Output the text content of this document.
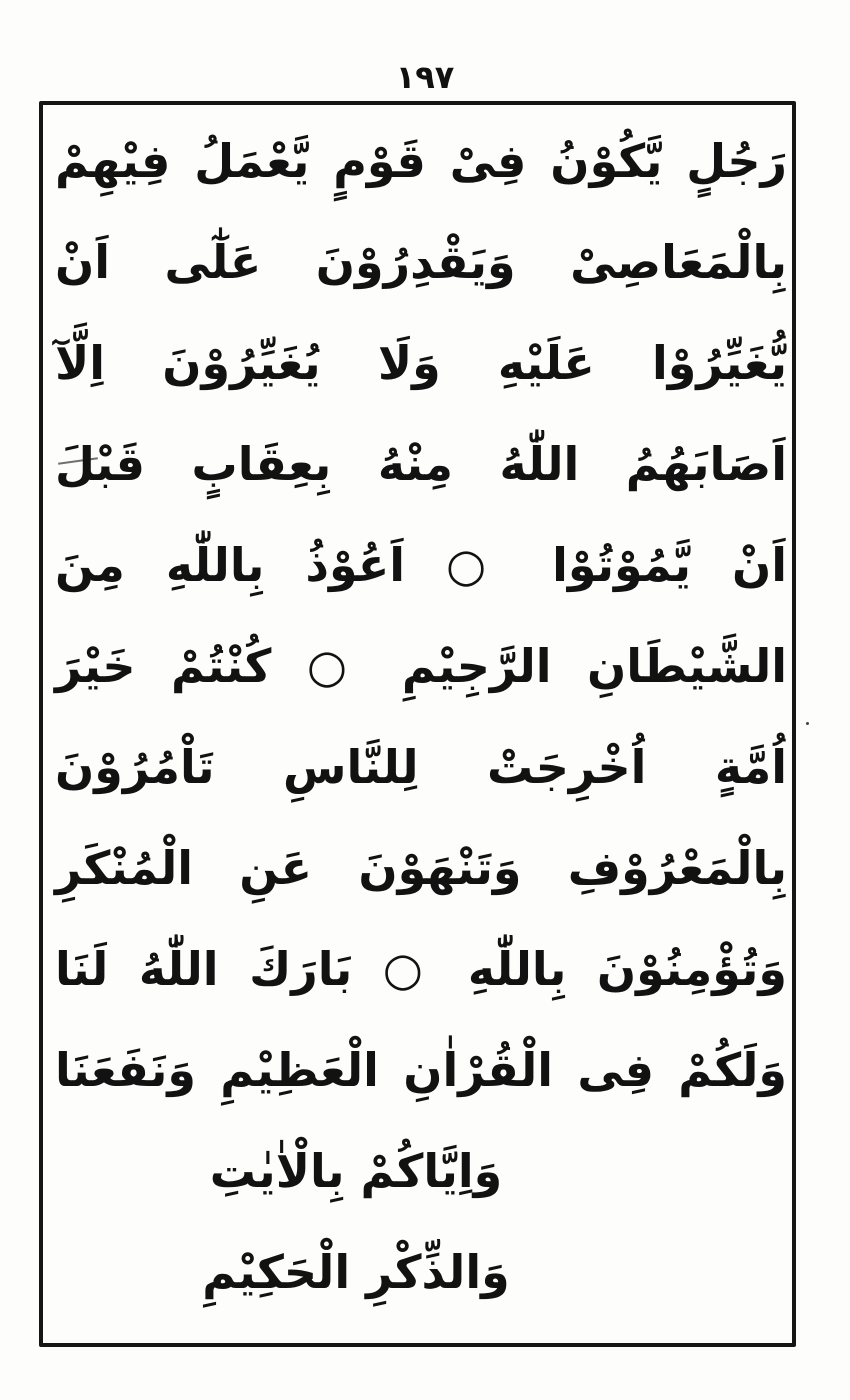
١٩٧
رَجُلٍ يَّكُوْنُ فِىْ قَوْمٍ يَّعْمَلُ فِيْهِمْ
بِالْمَعَاصِىْ وَيَقْدِرُوْنَ عَلٰٓى اَنْ
يُّغَيِّرُوْا عَلَيْهِ وَلَا يُغَيِّرُوْنَ اِلَّآ
اَصَابَهُمُ اللّٰهُ مِنْهُ بِعِقَابٍ قَبْلَ
اَنْ يَّمُوْتُوْا ○ اَعُوْذُ بِاللّٰهِ مِنَ
الشَّيْطَانِ الرَّجِيْمِ ○ كُنْتُمْ خَيْرَ
اُمَّةٍ اُخْرِجَتْ لِلنَّاسِ تَاْمُرُوْنَ
بِالْمَعْرُوْفِ وَتَنْهَوْنَ عَنِ الْمُنْكَرِ
وَتُؤْمِنُوْنَ بِاللّٰهِ ○ بَارَكَ اللّٰهُ لَنَا
وَلَكُمْ فِى الْقُرْاٰنِ الْعَظِيْمِ وَنَفَعَنَا
وَاِيَّاكُمْ بِالْاٰيٰتِ
وَالذِّكْرِ الْحَكِيْمِ
